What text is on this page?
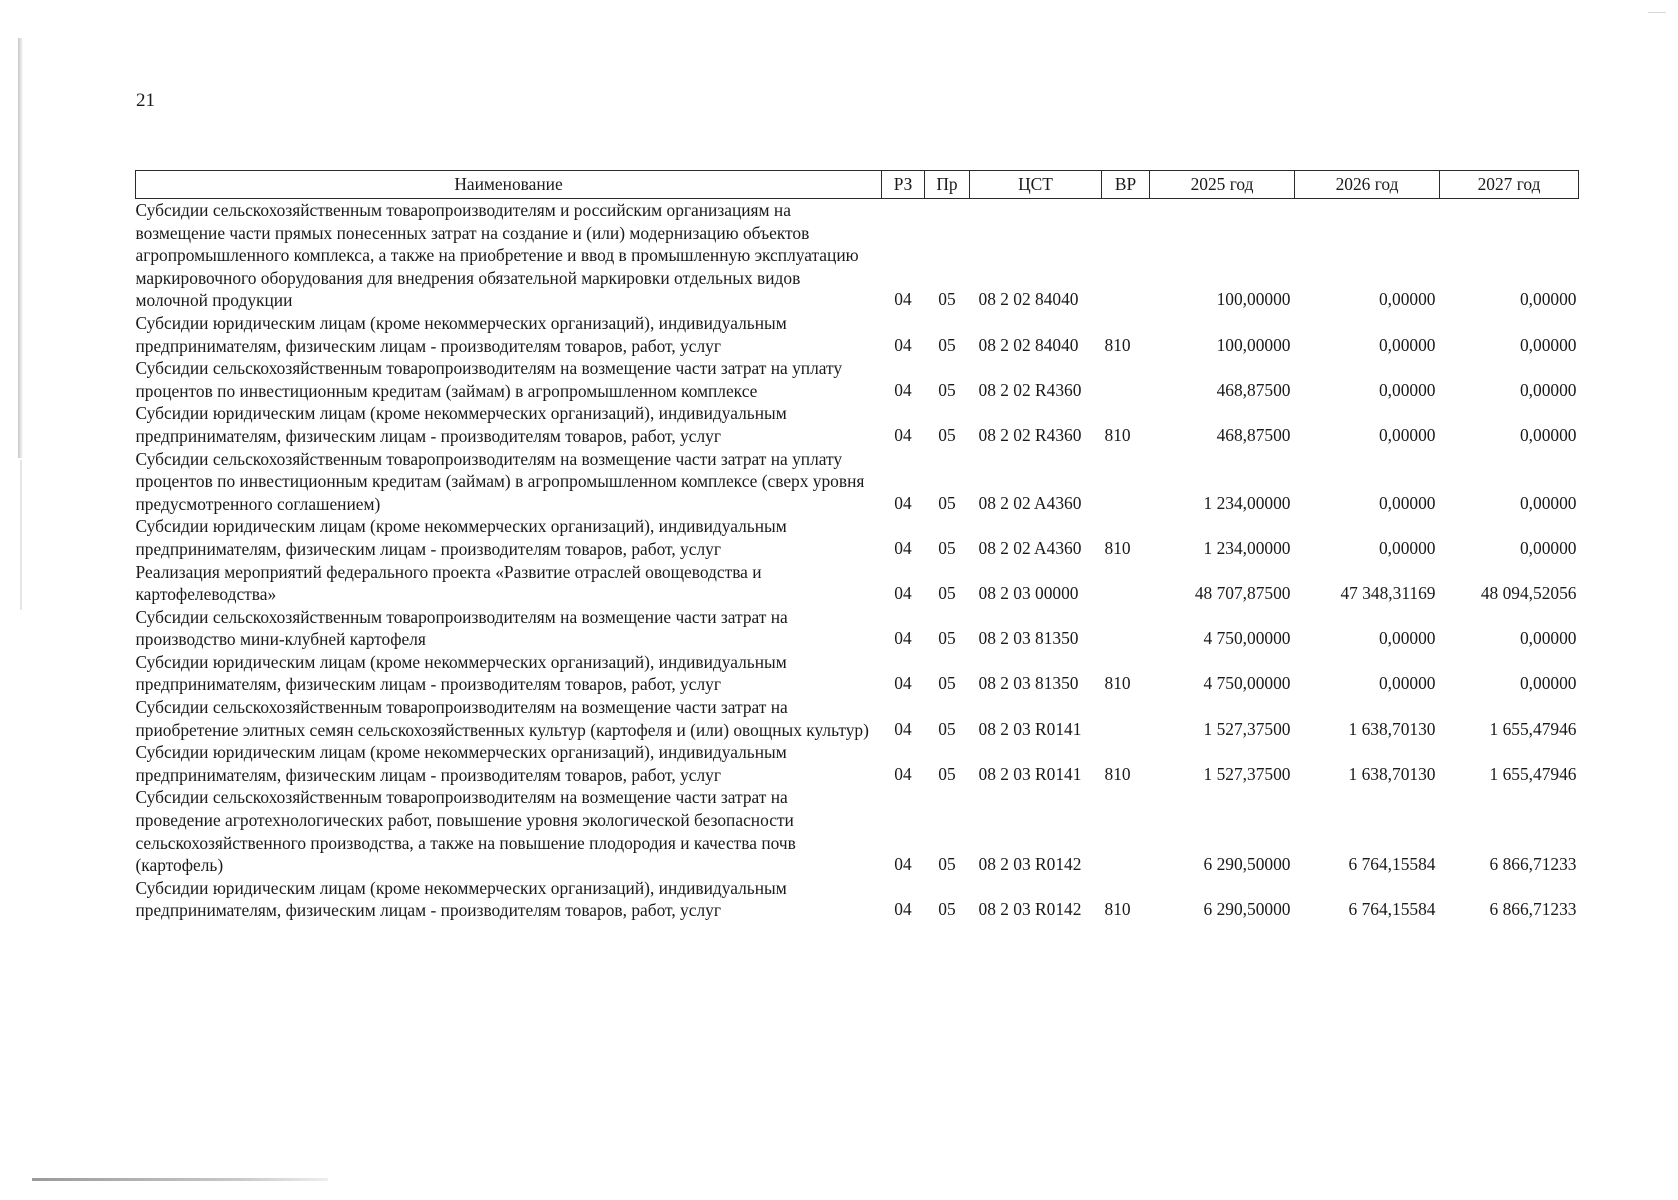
21
Наименование	РЗ	Пр	ЦСТ	ВР	2025 год	2026 год	2027 год
Субсидии сельскохозяйственным товаропроизводителям и российским организациям на возмещение части прямых понесенных затрат на создание и (или) модернизацию объектов агропромышленного комплекса, а также на приобретение и ввод в промышленную эксплуатацию маркировочного оборудования для внедрения обязательной маркировки отдельных видов молочной продукции	04	05	08 2 02 84040		100,00000	0,00000	0,00000
Субсидии юридическим лицам (кроме некоммерческих организаций), индивидуальным предпринимателям, физическим лицам - производителям товаров, работ, услуг	04	05	08 2 02 84040	810	100,00000	0,00000	0,00000
Субсидии сельскохозяйственным товаропроизводителям на возмещение части затрат на уплату процентов по инвестиционным кредитам (займам) в агропромышленном комплексе	04	05	08 2 02 R4360		468,87500	0,00000	0,00000
Субсидии юридическим лицам (кроме некоммерческих организаций), индивидуальным предпринимателям, физическим лицам - производителям товаров, работ, услуг	04	05	08 2 02 R4360	810	468,87500	0,00000	0,00000
Субсидии сельскохозяйственным товаропроизводителям на возмещение части затрат на уплату процентов по инвестиционным кредитам (займам) в агропромышленном комплексе (сверх уровня предусмотренного соглашением)	04	05	08 2 02 A4360		1 234,00000	0,00000	0,00000
Субсидии юридическим лицам (кроме некоммерческих организаций), индивидуальным предпринимателям, физическим лицам - производителям товаров, работ, услуг	04	05	08 2 02 A4360	810	1 234,00000	0,00000	0,00000
Реализация мероприятий федерального проекта «Развитие отраслей овощеводства и картофелеводства»	04	05	08 2 03 00000		48 707,87500	47 348,31169	48 094,52056
Субсидии сельскохозяйственным товаропроизводителям на возмещение части затрат на производство мини-клубней картофеля	04	05	08 2 03 81350		4 750,00000	0,00000	0,00000
Субсидии юридическим лицам (кроме некоммерческих организаций), индивидуальным предпринимателям, физическим лицам - производителям товаров, работ, услуг	04	05	08 2 03 81350	810	4 750,00000	0,00000	0,00000
Субсидии сельскохозяйственным товаропроизводителям на возмещение части затрат на приобретение элитных семян сельскохозяйственных культур (картофеля и (или) овощных культур)	04	05	08 2 03 R0141		1 527,37500	1 638,70130	1 655,47946
Субсидии юридическим лицам (кроме некоммерческих организаций), индивидуальным предпринимателям, физическим лицам - производителям товаров, работ, услуг	04	05	08 2 03 R0141	810	1 527,37500	1 638,70130	1 655,47946
Субсидии сельскохозяйственным товаропроизводителям на возмещение части затрат на проведение агротехнологических работ, повышение уровня экологической безопасности сельскохозяйственного производства, а также на повышение плодородия и качества почв (картофель)	04	05	08 2 03 R0142		6 290,50000	6 764,15584	6 866,71233
Субсидии юридическим лицам (кроме некоммерческих организаций), индивидуальным предпринимателям, физическим лицам - производителям товаров, работ, услуг	04	05	08 2 03 R0142	810	6 290,50000	6 764,15584	6 866,71233
